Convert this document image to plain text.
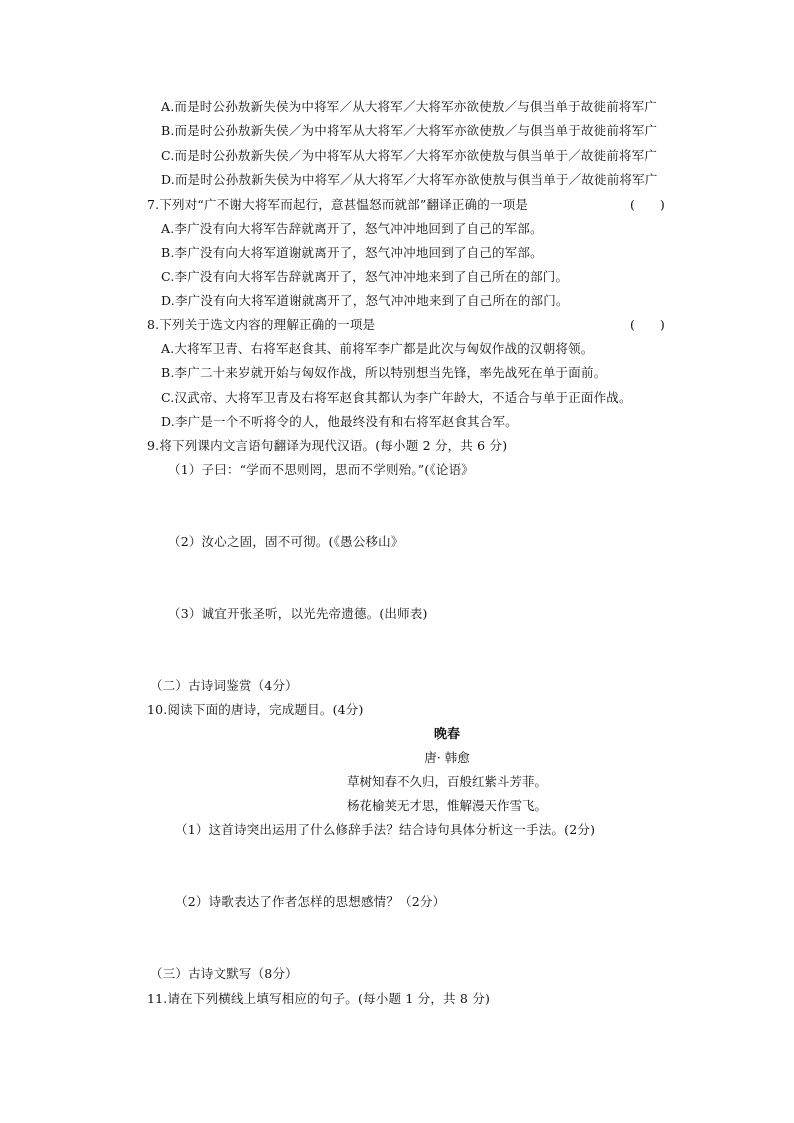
A.而是时公孙敖新失侯为中将军／从大将军／大将军亦欲使敖／与俱当单于故徙前将军广
B.而是时公孙敖新失侯／为中将军从大将军／大将军亦欲使敖／与俱当单于故徙前将军广
C.而是时公孙敖新失侯／为中将军从大将军／大将军亦欲使敖与俱当单于／故徙前将军广
D.而是时公孙敖新失侯为中将军／从大将军／大将军亦欲使敖与俱当单于／故徙前将军广
7.下列对“广不谢大将军而起行，意甚愠怒而就部”翻译正确的一项是	(　　)
A.李广没有向大将军告辞就离开了，怒气冲冲地回到了自己的军部。
B.李广没有向大将军道谢就离开了，怒气冲冲地回到了自己的军部。
C.李广没有向大将军告辞就离开了，怒气冲冲地来到了自己所在的部门。
D.李广没有向大将军道谢就离开了，怒气冲冲地来到了自己所在的部门。
8.下列关于选文内容的理解正确的一项是	(　　)
A.大将军卫青、右将军赵食其、前将军李广都是此次与匈奴作战的汉朝将领。
B.李广二十来岁就开始与匈奴作战，所以特别想当先锋，率先战死在单于面前。
C.汉武帝、大将军卫青及右将军赵食其都认为李广年龄大，不适合与单于正面作战。
D.李广是一个不听将令的人，他最终没有和右将军赵食其合军。
9.将下列课内文言语句翻译为现代汉语。(每小题 2 分，共 6 分)
（1）子曰：“学而不思则罔，思而不学则殆。”(《论语》
（2）汝心之固，固不可彻。(《愚公移山》
（3）诚宜开张圣听，以光先帝遗德。(出师表)
（二）古诗词鉴赏（4分）
10.阅读下面的唐诗，完成题目。(4分)
晚春
唐· 韩愈
草树知春不久归，百般红紫斗芳菲。
杨花榆荚无才思，惟解漫天作雪飞。
（1）这首诗突出运用了什么修辞手法？结合诗句具体分析这一手法。(2分)
（2）诗歌表达了作者怎样的思想感情？（2分）
（三）古诗文默写（8分）
11.请在下列横线上填写相应的句子。(每小题 1 分，共 8 分)
